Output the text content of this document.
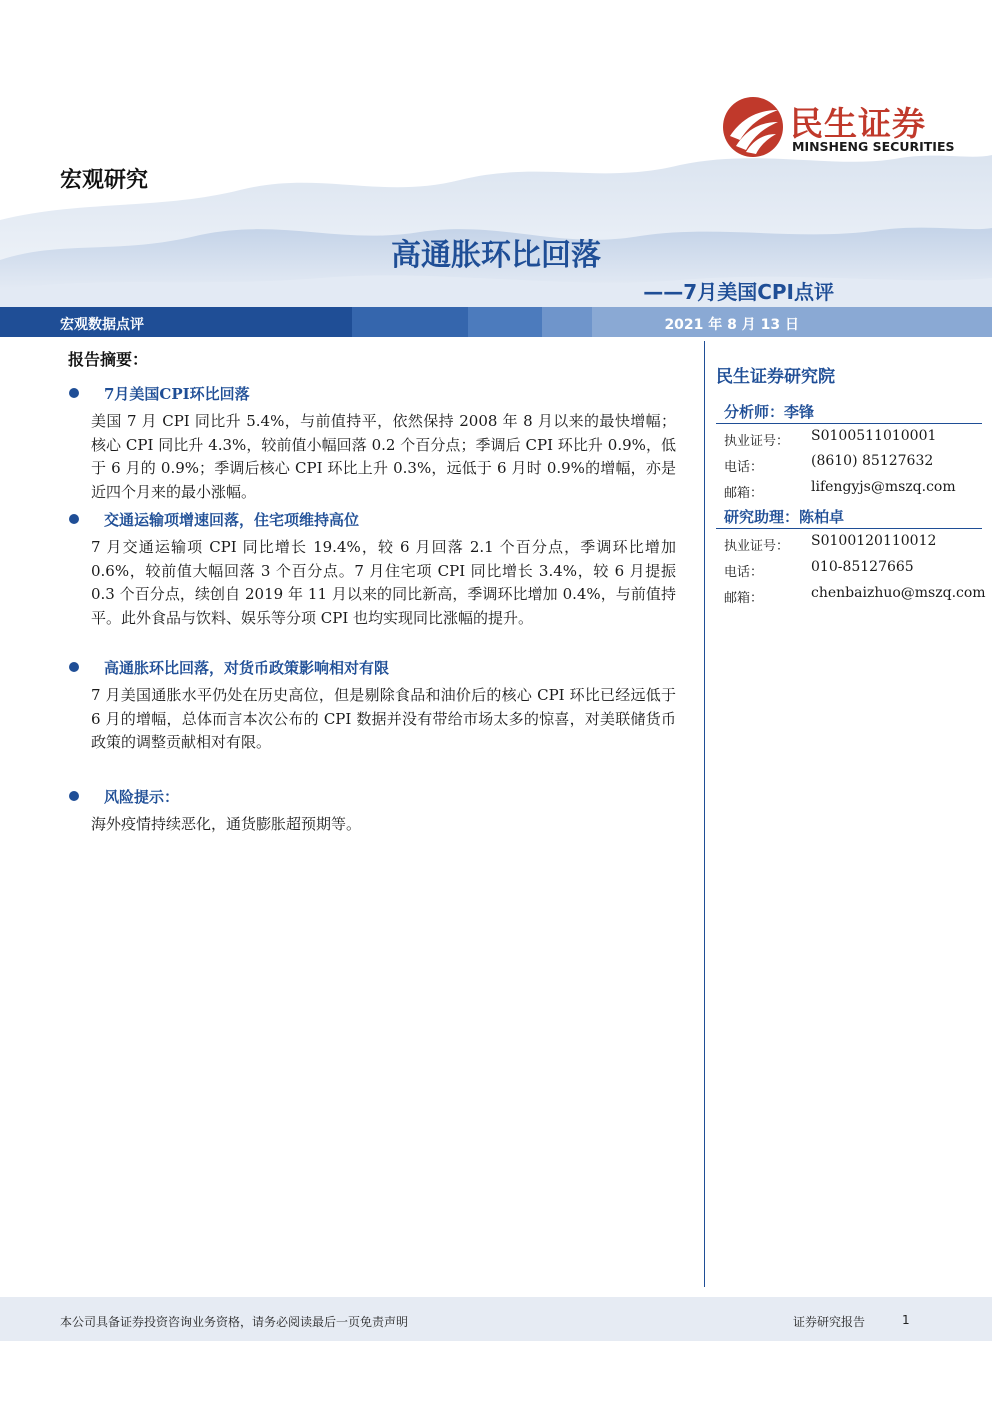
民生证券
MINSHENG SECURITIES
宏观研究
高通胀环比回落
——7月美国CPI点评
宏观数据点评	2021 年 8 月 13 日
报告摘要：
7月美国CPI环比回落
美国 7 月 CPI 同比升 5.4%，与前值持平，依然保持 2008 年 8 月以来的最快增幅；核心 CPI 同比升 4.3%，较前值小幅回落 0.2 个百分点；季调后 CPI 环比升 0.9%，低于 6 月的 0.9%；季调后核心 CPI 环比上升 0.3%，远低于 6 月时 0.9%的增幅，亦是近四个月来的最小涨幅。
交通运输项增速回落，住宅项维持高位
7 月交通运输项 CPI 同比增长 19.4%，较 6 月回落 2.1 个百分点，季调环比增加 0.6%，较前值大幅回落 3 个百分点。7 月住宅项 CPI 同比增长 3.4%，较 6 月提振 0.3 个百分点，续创自 2019 年 11 月以来的同比新高，季调环比增加 0.4%，与前值持平。此外食品与饮料、娱乐等分项 CPI 也均实现同比涨幅的提升。
高通胀环比回落，对货币政策影响相对有限
7 月美国通胀水平仍处在历史高位，但是剔除食品和油价后的核心 CPI 环比已经远低于 6 月的增幅，总体而言本次公布的 CPI 数据并没有带给市场太多的惊喜，对美联储货币政策的调整贡献相对有限。
风险提示：
海外疫情持续恶化，通货膨胀超预期等。
民生证券研究院
分析师：李锋
执业证号： S0100511010001
电话：	(8610) 85127632
邮箱：	lifengyjs@mszq.com
研究助理：陈柏卓
执业证号： S0100120110012
电话：	010-85127665
邮箱：	chenbaizhuo@mszq.com
本公司具备证券投资咨询业务资格，请务必阅读最后一页免责声明	证券研究报告	1
